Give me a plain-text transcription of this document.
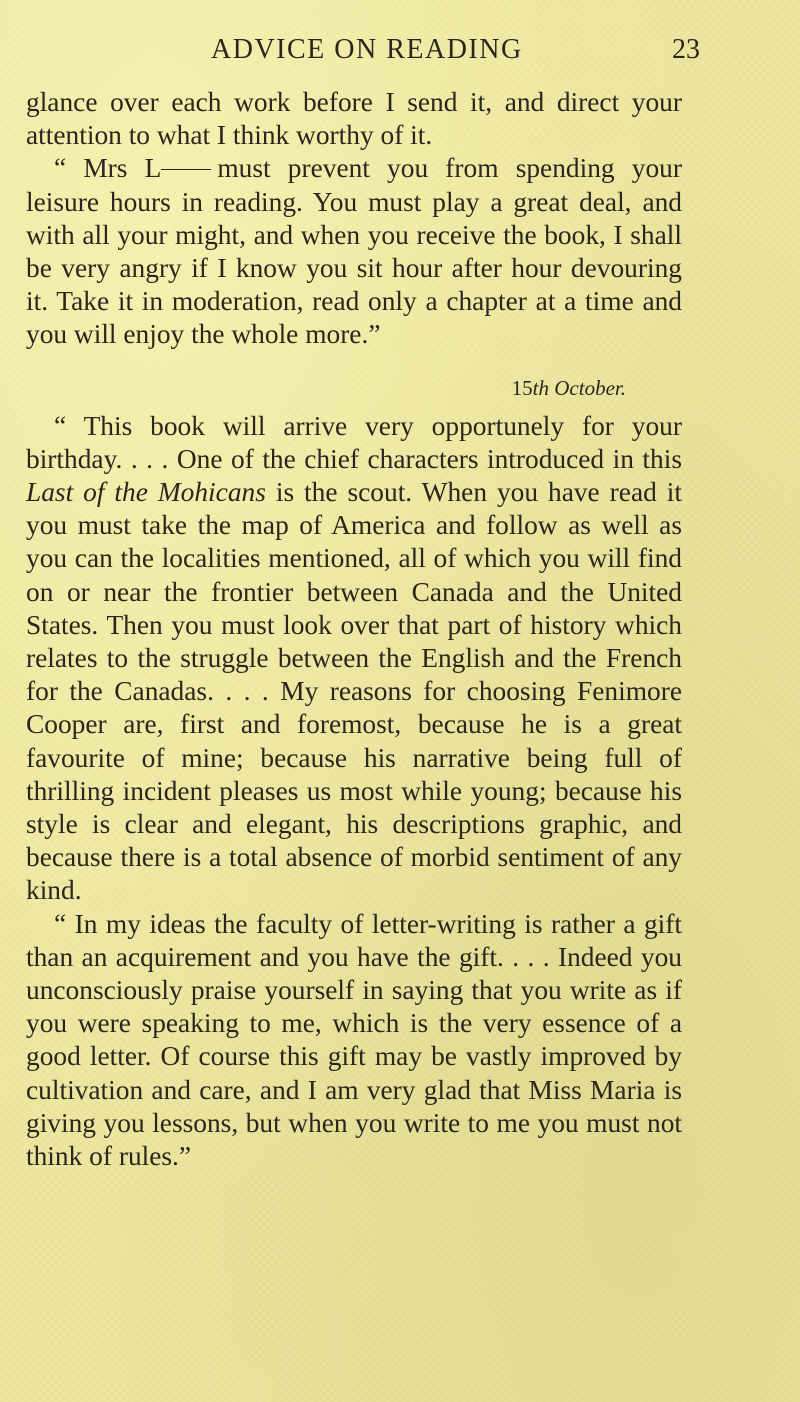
ADVICE ON READING	23

glance over each work before I send it, and direct your attention to what I think worthy of it.

“ Mrs L must prevent you from spending your leisure hours in reading. You must play a great deal, and with all your might, and when you receive the book, I shall be very angry if I know you sit hour after hour devouring it. Take it in moderation, read only a chapter at a time and you will enjoy the whole more.”

15th October.

“ This book will arrive very opportunely for your birthday. . . . One of the chief characters introduced in this Last of the Mohicans is the scout. When you have read it you must take the map of America and follow as well as you can the localities mentioned, all of which you will find on or near the frontier between Canada and the United States. Then you must look over that part of history which relates to the struggle between the English and the French for the Canadas. . . . My reasons for choosing Fenimore Cooper are, first and foremost, because he is a great favourite of mine; because his narrative being full of thrilling incident pleases us most while young; because his style is clear and elegant, his descriptions graphic, and because there is a total absence of morbid sentiment of any kind.

“ In my ideas the faculty of letter-writing is rather a gift than an acquirement and you have the gift. . . . Indeed you unconsciously praise yourself in saying that you write as if you were speaking to me, which is the very essence of a good letter. Of course this gift may be vastly improved by cultivation and care, and I am very glad that Miss Maria is giving you lessons, but when you write to me you must not think of rules.”
